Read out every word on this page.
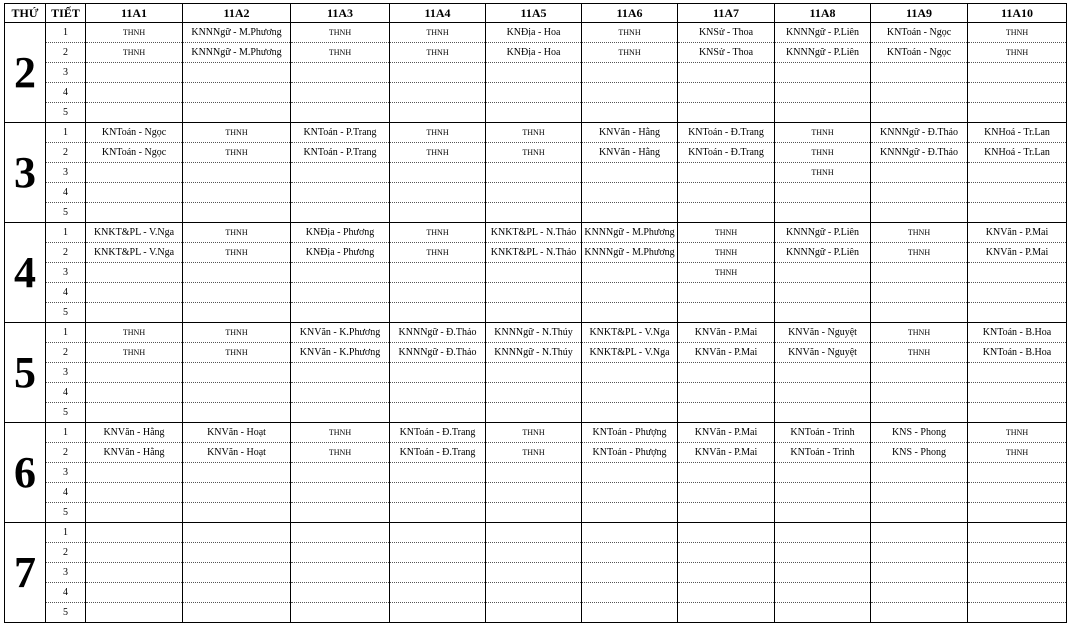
THỨ	TIẾT	11A1	11A2	11A3	11A4	11A5	11A6	11A7	11A8	11A9	11A10
2	1	THNH	KNNNgữ - M.Phương	THNH	THNH	KNĐịa - Hoa	THNH	KNSử - Thoa	KNNNgữ - P.Liên	KNToán - Ngọc	THNH
	2	THNH	KNNNgữ - M.Phương	THNH	THNH	KNĐịa - Hoa	THNH	KNSử - Thoa	KNNNgữ - P.Liên	KNToán - Ngọc	THNH
	3										
	4										
	5										
3	1	KNToán - Ngọc	THNH	KNToán - P.Trang	THNH	THNH	KNVăn - Hằng	KNToán - Đ.Trang	THNH	KNNNgữ - Đ.Thảo	KNHoá - Tr.Lan
	2	KNToán - Ngọc	THNH	KNToán - P.Trang	THNH	THNH	KNVăn - Hằng	KNToán - Đ.Trang	THNH	KNNNgữ - Đ.Thảo	KNHoá - Tr.Lan
	3								THNH		
	4										
	5										
4	1	KNKT&PL - V.Nga	THNH	KNĐịa - Phương	THNH	KNKT&PL - N.Thảo	KNNNgữ - M.Phương	THNH	KNNNgữ - P.Liên	THNH	KNVăn - P.Mai
	2	KNKT&PL - V.Nga	THNH	KNĐịa - Phương	THNH	KNKT&PL - N.Thảo	KNNNgữ - M.Phương	THNH	KNNNgữ - P.Liên	THNH	KNVăn - P.Mai
	3							THNH			
	4										
	5										
5	1	THNH	THNH	KNVăn - K.Phương	KNNNgữ - Đ.Thảo	KNNNgữ - N.Thúy	KNKT&PL - V.Nga	KNVăn - P.Mai	KNVăn - Nguyệt	THNH	KNToán - B.Hoa
	2	THNH	THNH	KNVăn - K.Phương	KNNNgữ - Đ.Thảo	KNNNgữ - N.Thúy	KNKT&PL - V.Nga	KNVăn - P.Mai	KNVăn - Nguyệt	THNH	KNToán - B.Hoa
	3										
	4										
	5										
6	1	KNVăn - Hằng	KNVăn - Hoạt	THNH	KNToán - Đ.Trang	THNH	KNToán - Phượng	KNVăn - P.Mai	KNToán - Trinh	KNS - Phong	THNH
	2	KNVăn - Hằng	KNVăn - Hoạt	THNH	KNToán - Đ.Trang	THNH	KNToán - Phượng	KNVăn - P.Mai	KNToán - Trinh	KNS - Phong	THNH
	3										
	4										
	5										
7	1										
	2										
	3										
	4										
	5										
